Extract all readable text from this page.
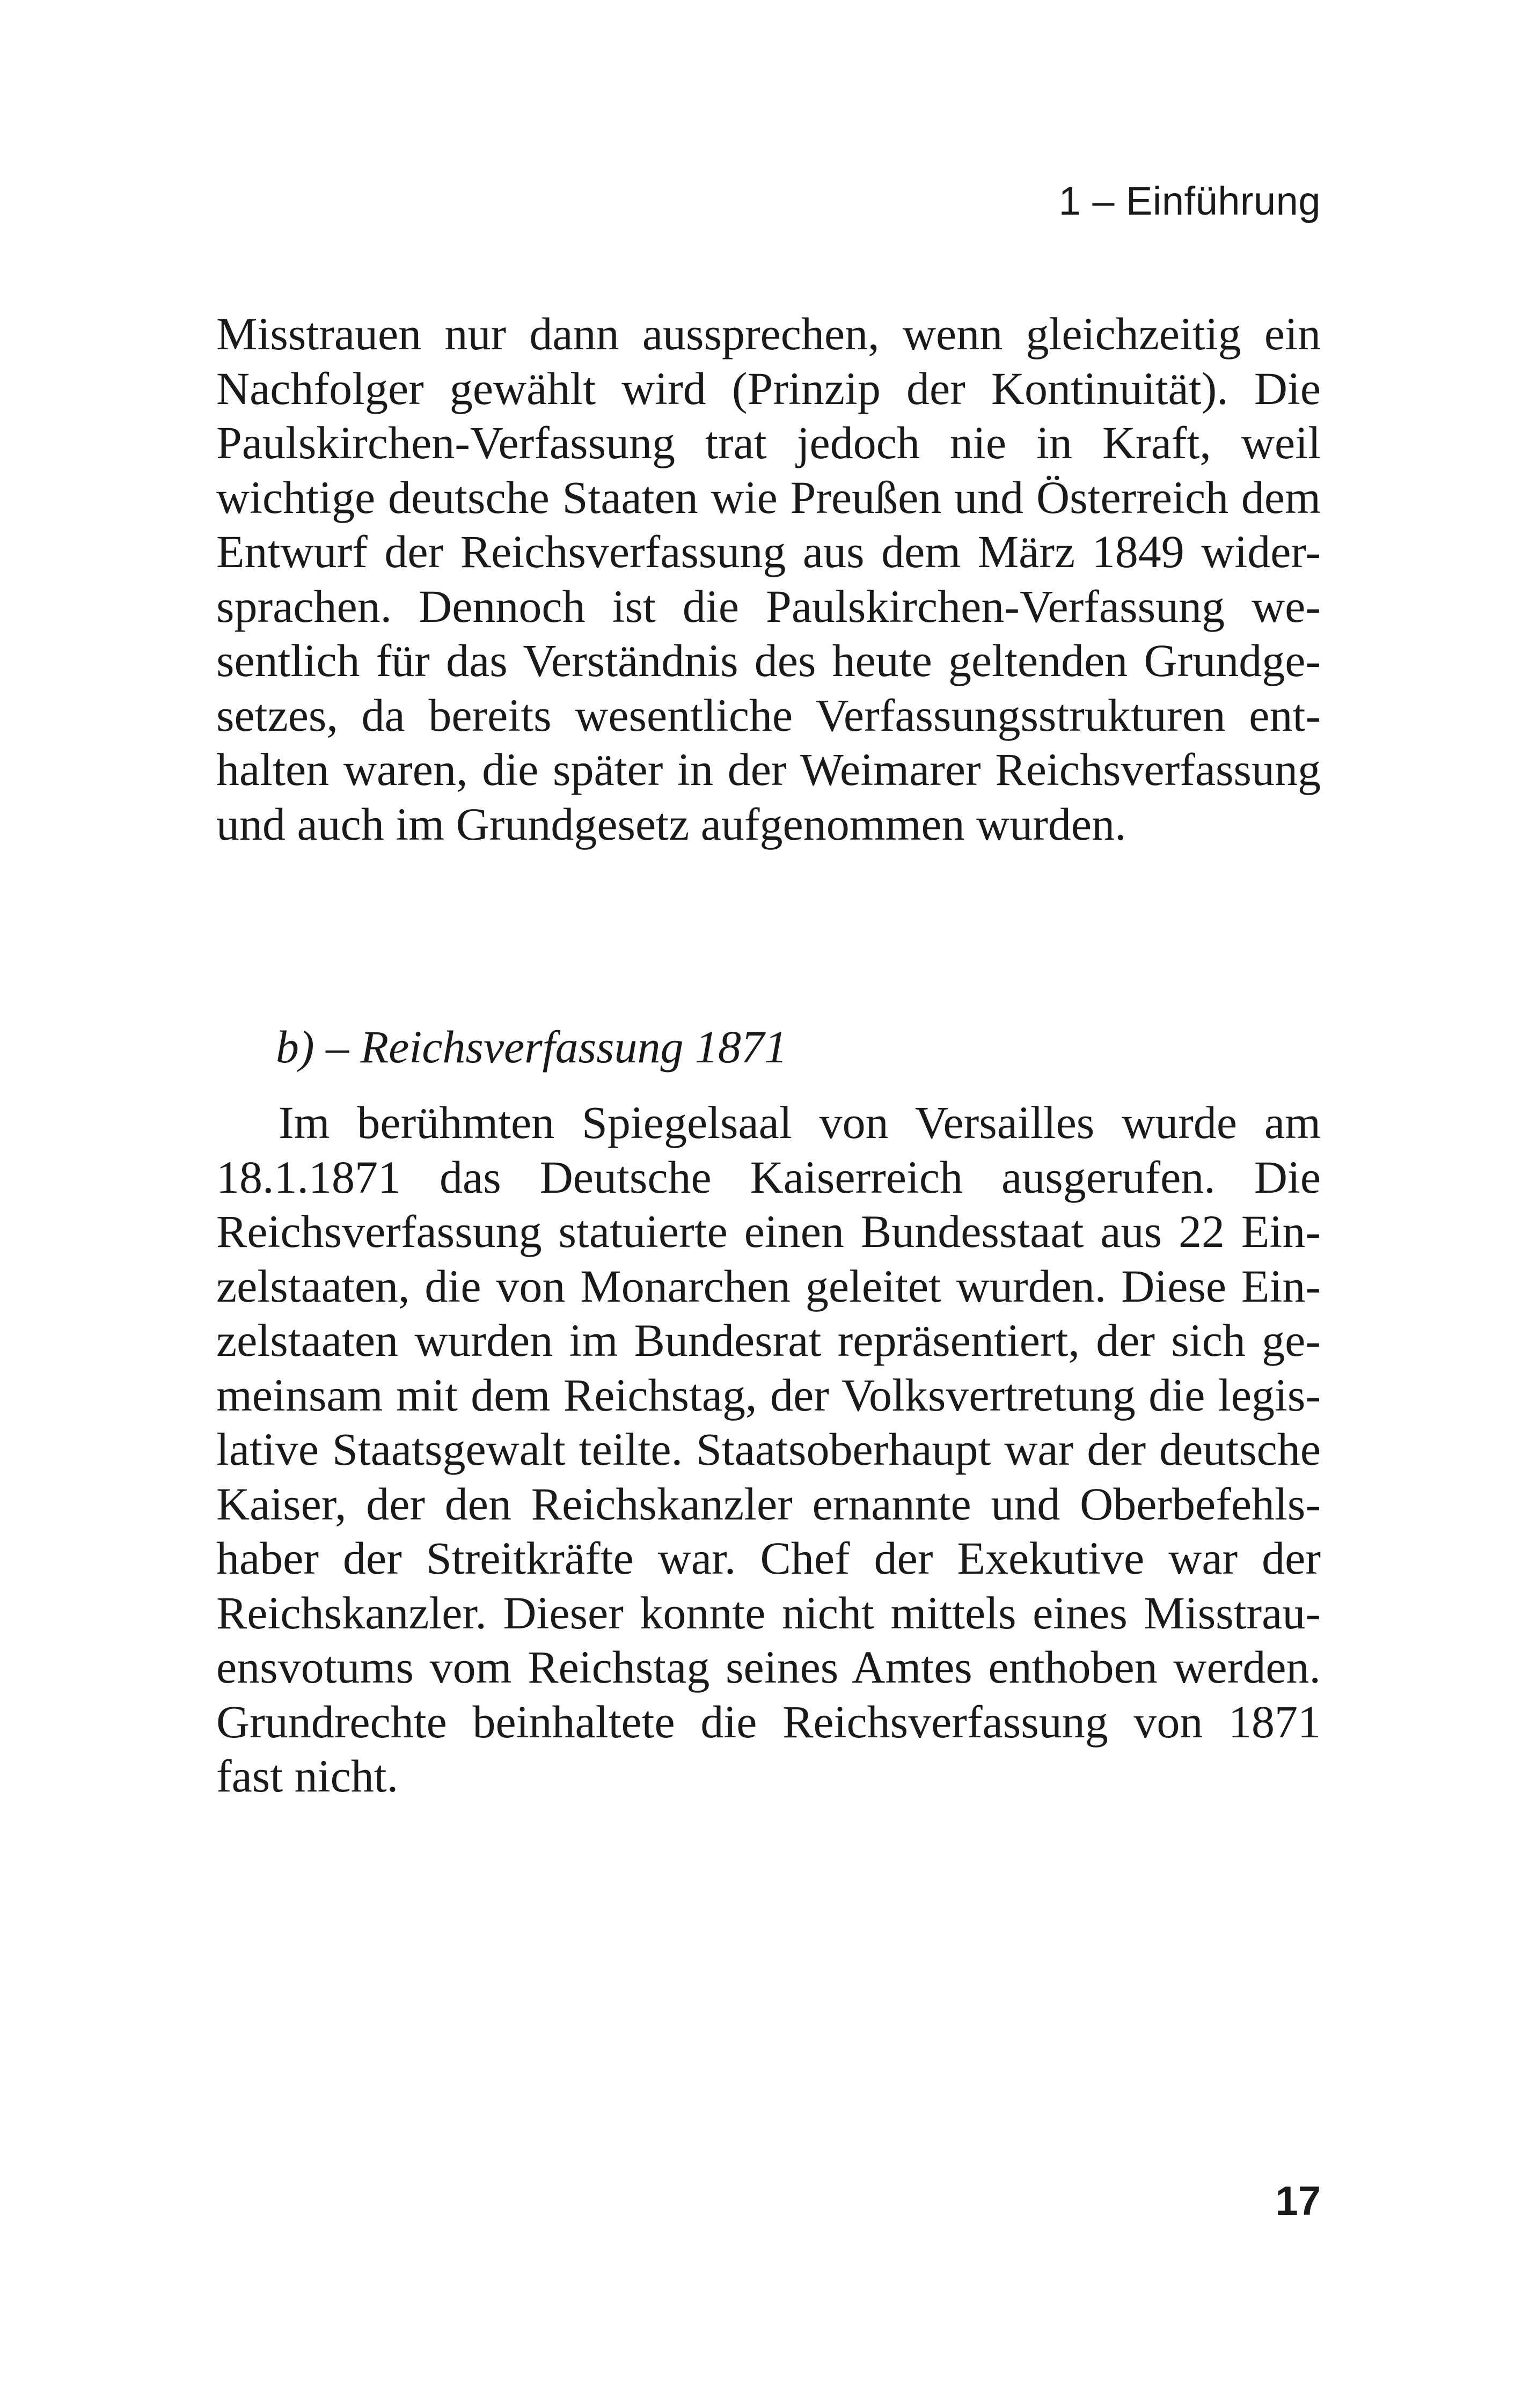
1 – Einführung
Misstrauen nur dann aussprechen, wenn gleichzeitig ein
Nachfolger gewählt wird (Prinzip der Kontinuität). Die
Paulskirchen-Verfassung trat jedoch nie in Kraft, weil
wichtige deutsche Staaten wie Preußen und Österreich dem
Entwurf der Reichsverfassung aus dem März 1849 wider-
sprachen. Dennoch ist die Paulskirchen-Verfassung we-
sentlich für das Verständnis des heute geltenden Grundge-
setzes, da bereits wesentliche Verfassungsstrukturen ent-
halten waren, die später in der Weimarer Reichsverfassung
und auch im Grundgesetz aufgenommen wurden.
b) – Reichsverfassung 1871
Im berühmten Spiegelsaal von Versailles wurde am
18.1.1871 das Deutsche Kaiserreich ausgerufen. Die
Reichsverfassung statuierte einen Bundesstaat aus 22 Ein-
zelstaaten, die von Monarchen geleitet wurden. Diese Ein-
zelstaaten wurden im Bundesrat repräsentiert, der sich ge-
meinsam mit dem Reichstag, der Volksvertretung die legis-
lative Staatsgewalt teilte. Staatsoberhaupt war der deutsche
Kaiser, der den Reichskanzler ernannte und Oberbefehls-
haber der Streitkräfte war. Chef der Exekutive war der
Reichskanzler. Dieser konnte nicht mittels eines Misstrau-
ensvotums vom Reichstag seines Amtes enthoben werden.
Grundrechte beinhaltete die Reichsverfassung von 1871
fast nicht.
17
